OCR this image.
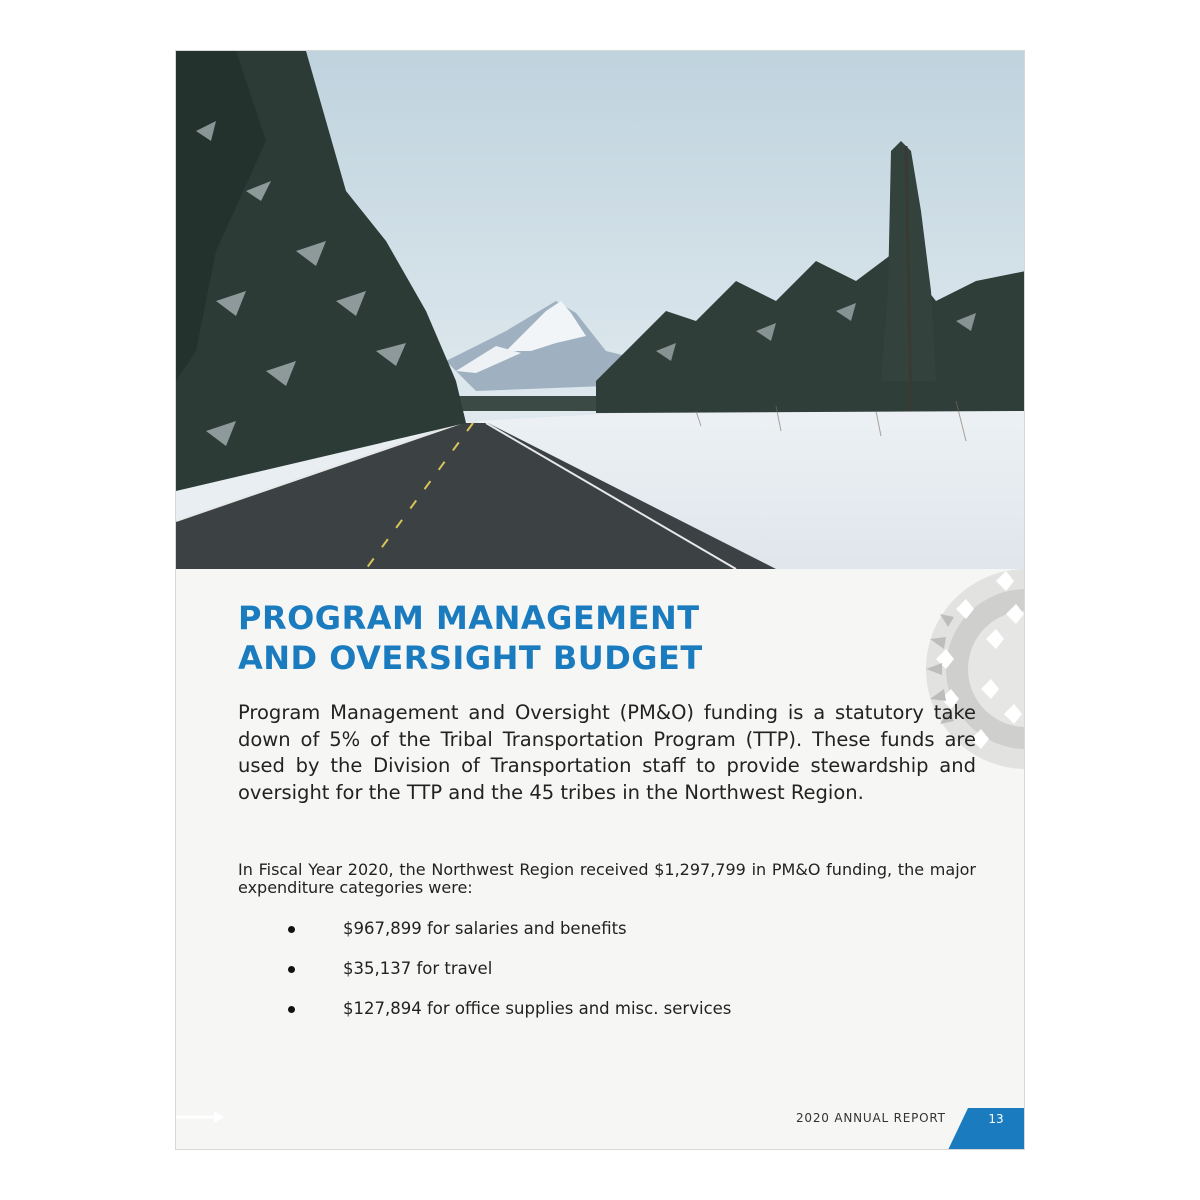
PROGRAM MANAGEMENT
AND OVERSIGHT BUDGET

Program Management and Oversight (PM&O) funding is a statutory take down of 5% of the Tribal Transportation Program (TTP). These funds are used by the Division of Transportation staff to provide stewardship and oversight for the TTP and the 45 tribes in the Northwest Region.

In Fiscal Year 2020, the Northwest Region received $1,297,799 in PM&O funding, the major expenditure categories were:

$967,899 for salaries and benefits
$35,137 for travel
$127,894 for office supplies and misc. services
2020 ANNUAL REPORT	13
